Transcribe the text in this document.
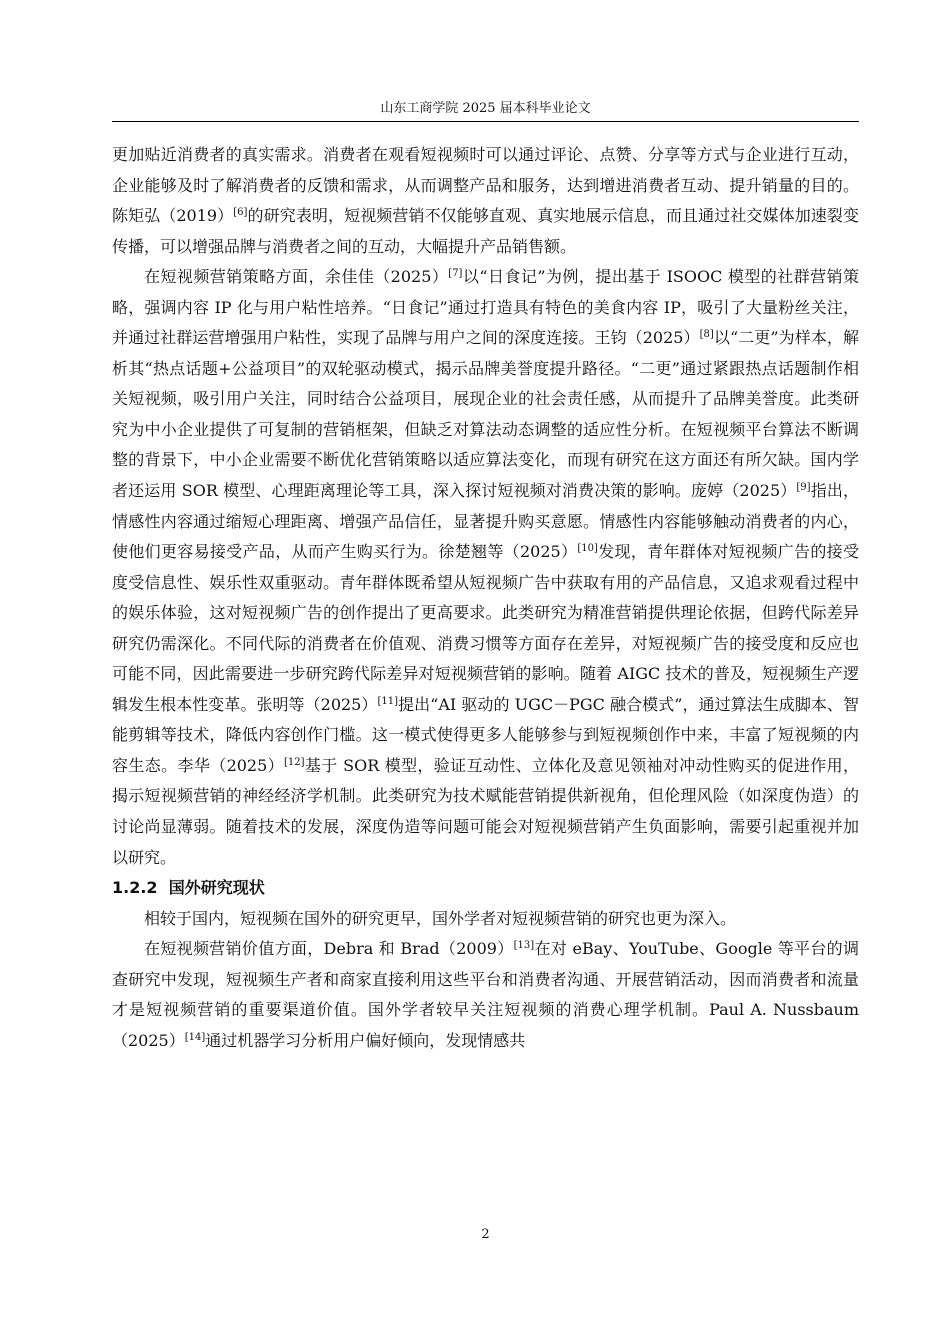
山东工商学院 2025 届本科毕业论文

更加贴近消费者的真实需求。消费者在观看短视频时可以通过评论、点赞、分享等方式与企业进行互动，企业能够及时了解消费者的反馈和需求，从而调整产品和服务，达到增进消费者互动、提升销量的目的。陈矩弘（2019）[6]的研究表明，短视频营销不仅能够直观、真实地展示信息，而且通过社交媒体加速裂变传播，可以增强品牌与消费者之间的互动，大幅提升产品销售额。

在短视频营销策略方面，余佳佳（2025）[7]以“日食记”为例，提出基于 ISOOC 模型的社群营销策略，强调内容 IP 化与用户粘性培养。“日食记”通过打造具有特色的美食内容 IP，吸引了大量粉丝关注，并通过社群运营增强用户粘性，实现了品牌与用户之间的深度连接。王钧（2025）[8]以“二更”为样本，解析其“热点话题+公益项目”的双轮驱动模式，揭示品牌美誉度提升路径。“二更”通过紧跟热点话题制作相关短视频，吸引用户关注，同时结合公益项目，展现企业的社会责任感，从而提升了品牌美誉度。此类研究为中小企业提供了可复制的营销框架，但缺乏对算法动态调整的适应性分析。在短视频平台算法不断调整的背景下，中小企业需要不断优化营销策略以适应算法变化，而现有研究在这方面还有所欠缺。国内学者还运用 SOR 模型、心理距离理论等工具，深入探讨短视频对消费决策的影响。庞婷（2025）[9]指出，情感性内容通过缩短心理距离、增强产品信任，显著提升购买意愿。情感性内容能够触动消费者的内心，使他们更容易接受产品，从而产生购买行为。徐楚翘等（2025）[10]发现，青年群体对短视频广告的接受度受信息性、娱乐性双重驱动。青年群体既希望从短视频广告中获取有用的产品信息，又追求观看过程中的娱乐体验，这对短视频广告的创作提出了更高要求。此类研究为精准营销提供理论依据，但跨代际差异研究仍需深化。不同代际的消费者在价值观、消费习惯等方面存在差异，对短视频广告的接受度和反应也可能不同，因此需要进一步研究跨代际差异对短视频营销的影响。随着 AIGC 技术的普及，短视频生产逻辑发生根本性变革。张明等（2025）[11]提出“AI 驱动的 UGC－PGC 融合模式”，通过算法生成脚本、智能剪辑等技术，降低内容创作门槛。这一模式使得更多人能够参与到短视频创作中来，丰富了短视频的内容生态。李华（2025）[12]基于 SOR 模型，验证互动性、立体化及意见领袖对冲动性购买的促进作用，揭示短视频营销的神经经济学机制。此类研究为技术赋能营销提供新视角，但伦理风险（如深度伪造）的讨论尚显薄弱。随着技术的发展，深度伪造等问题可能会对短视频营销产生负面影响，需要引起重视并加以研究。

1.2.2 国外研究现状

相较于国内，短视频在国外的研究更早，国外学者对短视频营销的研究也更为深入。

在短视频营销价值方面，Debra 和 Brad（2009）[13]在对 eBay、YouTube、Google 等平台的调查研究中发现，短视频生产者和商家直接利用这些平台和消费者沟通、开展营销活动，因而消费者和流量才是短视频营销的重要渠道价值。国外学者较早关注短视频的消费心理学机制。Paul A. Nussbaum（2025）[14]通过机器学习分析用户偏好倾向，发现情感共

2
